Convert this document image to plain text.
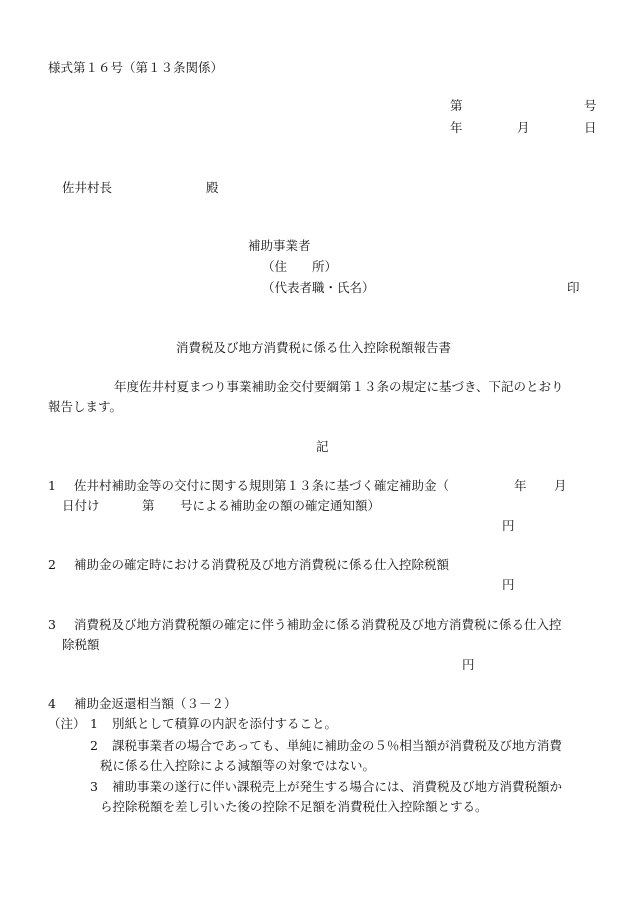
様式第１６号（第１３条関係）
第	号
年	月	日
佐井村長	殿
補助事業者
（住　　所）
（代表者職・氏名）	印
消費税及び地方消費税に係る仕入控除税額報告書
年度佐井村夏まつり事業補助金交付要綱第１３条の規定に基づき、下記のとおり
報告します。
記
1 佐井村補助金等の交付に関する規則第１３条に基づく確定補助金（	年 月
日付け	第 号による補助金の額の確定通知額）
円
2 補助金の確定時における消費税及び地方消費税に係る仕入控除税額
円
3 消費税及び地方消費税額の確定に伴う補助金に係る消費税及び地方消費税に係る仕入控
除税額
円
4 補助金返還相当額（３－２）
（注） 1 別紙として積算の内訳を添付すること。
2 課税事業者の場合であっても、単純に補助金の５％相当額が消費税及び地方消費
税に係る仕入控除による減額等の対象ではない。
3 補助事業の遂行に伴い課税売上が発生する場合には、消費税及び地方消費税額か
ら控除税額を差し引いた後の控除不足額を消費税仕入控除額とする。
